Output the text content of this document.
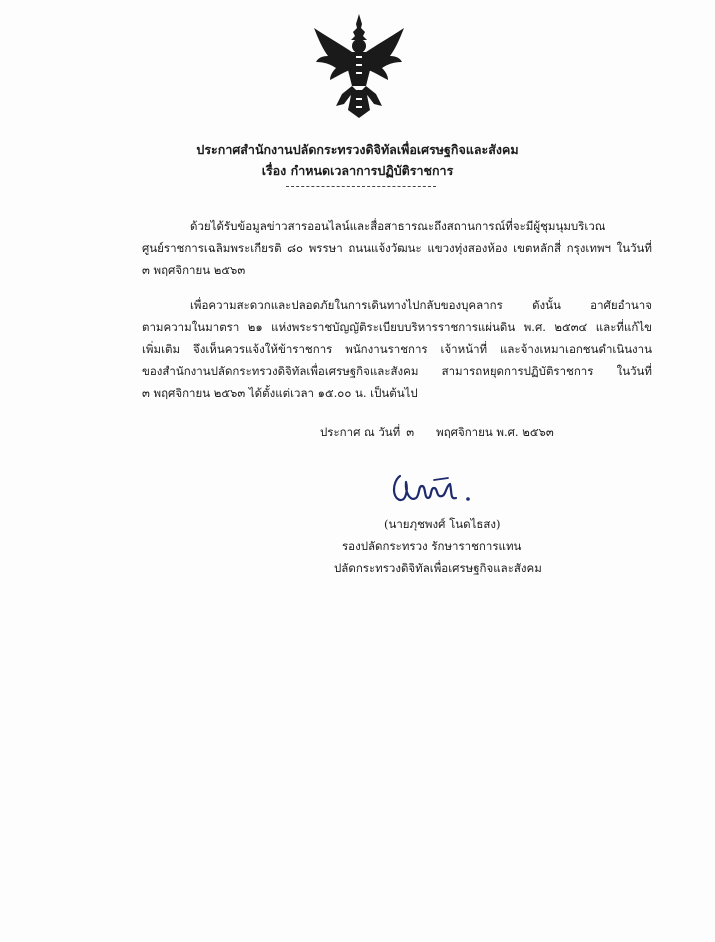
ประกาศสำนักงานปลัดกระทรวงดิจิทัลเพื่อเศรษฐกิจและสังคม
เรื่อง กำหนดเวลาการปฏิบัติราชการ
ด้วยได้รับข้อมูลข่าวสารออนไลน์และสื่อสาธารณะถึงสถานการณ์ที่จะมีผู้ชุมนุมบริเวณ
ศูนย์ราชการเฉลิมพระเกียรติ ๘๐ พรรษา ถนนแจ้งวัฒนะ แขวงทุ่งสองห้อง เขตหลักสี่ กรุงเทพฯ ในวันที่
๓ พฤศจิกายน ๒๕๖๓
เพื่อความสะดวกและปลอดภัยในการเดินทางไปกลับของบุคลากร ดังนั้น อาศัยอำนาจ
ตามความในมาตรา ๒๑ แห่งพระราชบัญญัติระเบียบบริหารราชการแผ่นดิน พ.ศ. ๒๕๓๔ และที่แก้ไข
เพิ่มเติม จึงเห็นควรแจ้งให้ข้าราชการ พนักงานราชการ เจ้าหน้าที่ และจ้างเหมาเอกชนดำเนินงาน
ของสำนักงานปลัดกระทรวงดิจิทัลเพื่อเศรษฐกิจและสังคม สามารถหยุดการปฏิบัติราชการ ในวันที่
๓ พฤศจิกายน ๒๕๖๓ ได้ตั้งแต่เวลา ๑๕.๐๐ น. เป็นต้นไป
ประกาศ ณ วันที่ ๓ พฤศจิกายน พ.ศ. ๒๕๖๓
(นายภุชพงศ์ โนดไธสง)
รองปลัดกระทรวง รักษาราชการแทน
ปลัดกระทรวงดิจิทัลเพื่อเศรษฐกิจและสังคม
